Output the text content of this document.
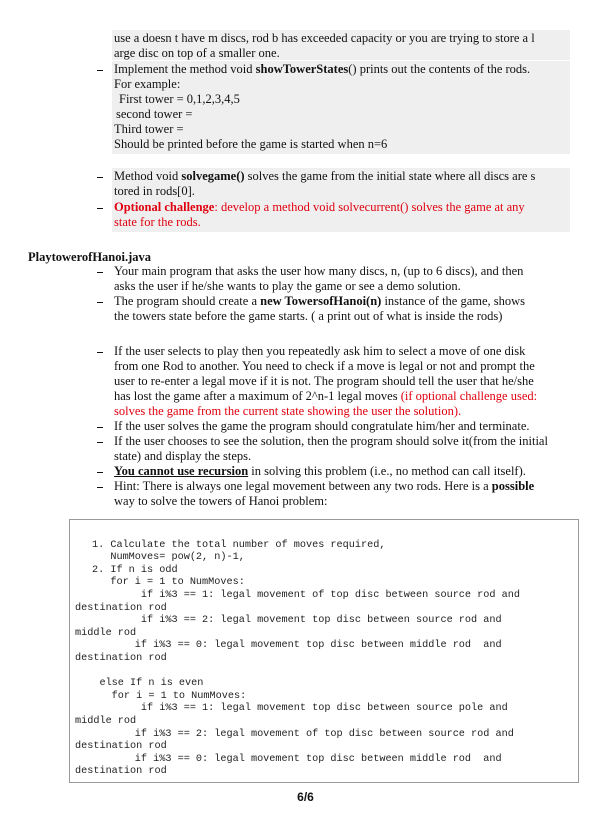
use a doesn t have m discs, rod b has exceeded capacity or you are trying to store a l
arge disc on top of a smaller one.
Implement the method void showTowerStates() prints out the contents of the rods.
For example:
First tower = 0,1,2,3,4,5
second tower =
Third tower =
Should be printed before the game is started when n=6
Method void solvegame() solves the game from the initial state where all discs are s
tored in rods[0].
Optional challenge: develop a method void solvecurrent() solves the game at any
state for the rods.
PlaytowerofHanoi.java
Your main program that asks the user how many discs, n, (up to 6 discs), and then
asks the user if he/she wants to play the game or see a demo solution.
The program should create a new TowersofHanoi(n) instance of the game, shows
the towers state before the game starts. ( a print out of what is inside the rods)
If the user selects to play then you repeatedly ask him to select a move of one disk
from one Rod to another. You need to check if a move is legal or not and prompt the
user to re-enter a legal move if it is not. The program should tell the user that he/she
has lost the game after a maximum of 2^n-1 legal moves (if optional challenge used:
solves the game from the current state showing the user the solution).
If the user solves the game the program should congratulate him/her and terminate.
If the user chooses to see the solution, then the program should solve it(from the initial
state) and display the steps.
You cannot use recursion in solving this problem (i.e., no method can call itself).
Hint: There is always one legal movement between any two rods. Here is a possible
way to solve the towers of Hanoi problem:

1. Calculate the total number of moves required,
NumMoves= pow(2, n)-1,
2. If n is odd
for i = 1 to NumMoves:
if i%3 == 1: legal movement of top disc between source rod and
destination rod
if i%3 == 2: legal movement top disc between source rod and
middle rod
if i%3 == 0: legal movement top disc between middle rod  and
destination rod

else If n is even
for i = 1 to NumMoves:
if i%3 == 1: legal movement top disc between source pole and
middle rod
if i%3 == 2: legal movement of top disc between source rod and
destination rod
if i%3 == 0: legal movement top disc between middle rod  and
destination rod

6/6
